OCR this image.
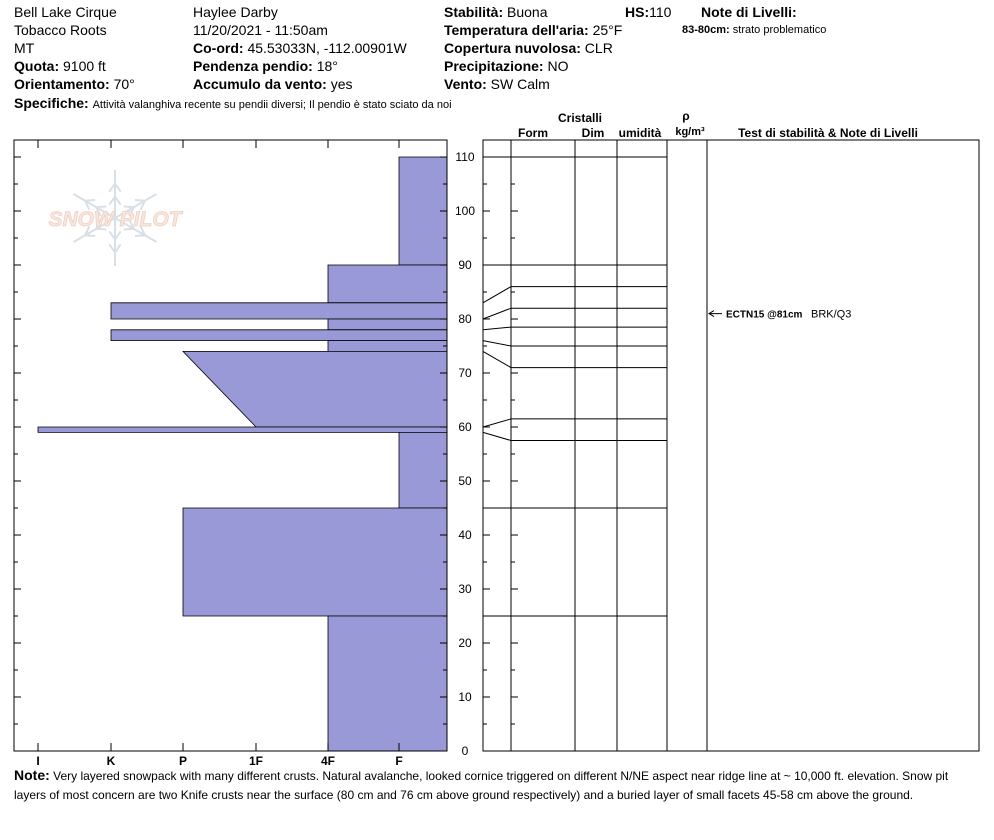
Bell Lake Cirque
Tobacco Roots
MT
Quota: 9100 ft
Orientamento: 70°
Specifiche: Attività valanghiva recente su pendii diversi; Il pendio è stato sciato da noi
Haylee Darby
11/20/2021 - 11:50am
Co-ord: 45.53033N, -112.00901W
Pendenza pendio: 18°
Accumulo da vento: yes
Stabilità: Buona	HS:110
Temperatura dell'aria: 25°F
Copertura nuvolosa: CLR
Precipitazione: NO
Vento: SW Calm
Note di Livelli:
83-80cm: strato problematico
SNOW PILOT
I	K	P	1F	4F	F
0
10
20
30
40
50
60
70
80
90
100
110
Cristalli
Form	Dim umidità
ρ
kg/m³	Test di stabilità & Note di Livelli
ECTN15 @81cm BRK/Q3
Note: Very layered snowpack with many different crusts. Natural avalanche, looked cornice triggered on different N/NE aspect near ridge line at ~ 10,000 ft. elevation. Snow pit layers of most concern are two Knife crusts near the surface (80 cm and 76 cm above ground respectively) and a buried layer of small facets 45-58 cm above the ground.
